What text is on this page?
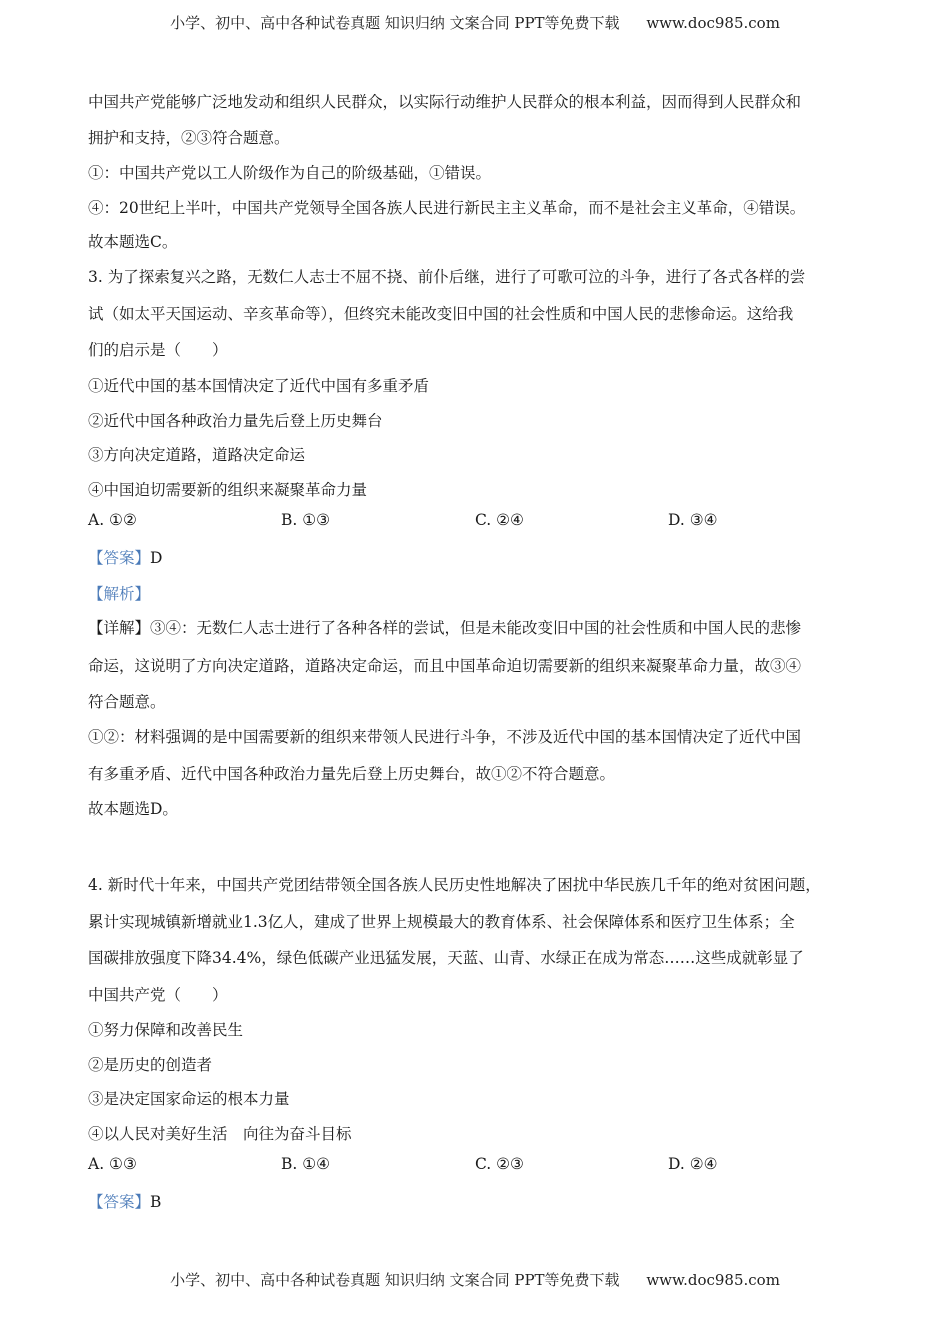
小学、初中、高中各种试卷真题 知识归纳 文案合同 PPT等免费下载 www.doc985.com
中国共产党能够广泛地发动和组织人民群众，以实际行动维护人民群众的根本利益，因而得到人民群众和
拥护和支持，②③符合题意。
①：中国共产党以工人阶级作为自己的阶级基础，①错误。
④：20世纪上半叶，中国共产党领导全国各族人民进行新民主主义革命，而不是社会主义革命，④错误。
故本题选C。
3. 为了探索复兴之路，无数仁人志士不屈不挠、前仆后继，进行了可歌可泣的斗争，进行了各式各样的尝
试（如太平天国运动、辛亥革命等），但终究未能改变旧中国的社会性质和中国人民的悲惨命运。这给我
们的启示是（　　）
①近代中国的基本国情决定了近代中国有多重矛盾
②近代中国各种政治力量先后登上历史舞台
③方向决定道路，道路决定命运
④中国迫切需要新的组织来凝聚革命力量
A. ①②	B. ①③	C. ②④	D. ③④
【答案】D
【解析】
【详解】③④：无数仁人志士进行了各种各样的尝试，但是未能改变旧中国的社会性质和中国人民的悲惨
命运，这说明了方向决定道路，道路决定命运，而且中国革命迫切需要新的组织来凝聚革命力量，故③④
符合题意。
①②：材料强调的是中国需要新的组织来带领人民进行斗争，不涉及近代中国的基本国情决定了近代中国
有多重矛盾、近代中国各种政治力量先后登上历史舞台，故①②不符合题意。
故本题选D。
4. 新时代十年来，中国共产党团结带领全国各族人民历史性地解决了困扰中华民族几千年的绝对贫困问题，
累计实现城镇新增就业1.3亿人，建成了世界上规模最大的教育体系、社会保障体系和医疗卫生体系；全
国碳排放强度下降34.4%，绿色低碳产业迅猛发展，天蓝、山青、水绿正在成为常态……这些成就彰显了
中国共产党（　　）
①努力保障和改善民生
②是历史的创造者
③是决定国家命运的根本力量
④以人民对美好生活　向往为奋斗目标
A. ①③	B. ①④	C. ②③	D. ②④
【答案】B
小学、初中、高中各种试卷真题 知识归纳 文案合同 PPT等免费下载 www.doc985.com
